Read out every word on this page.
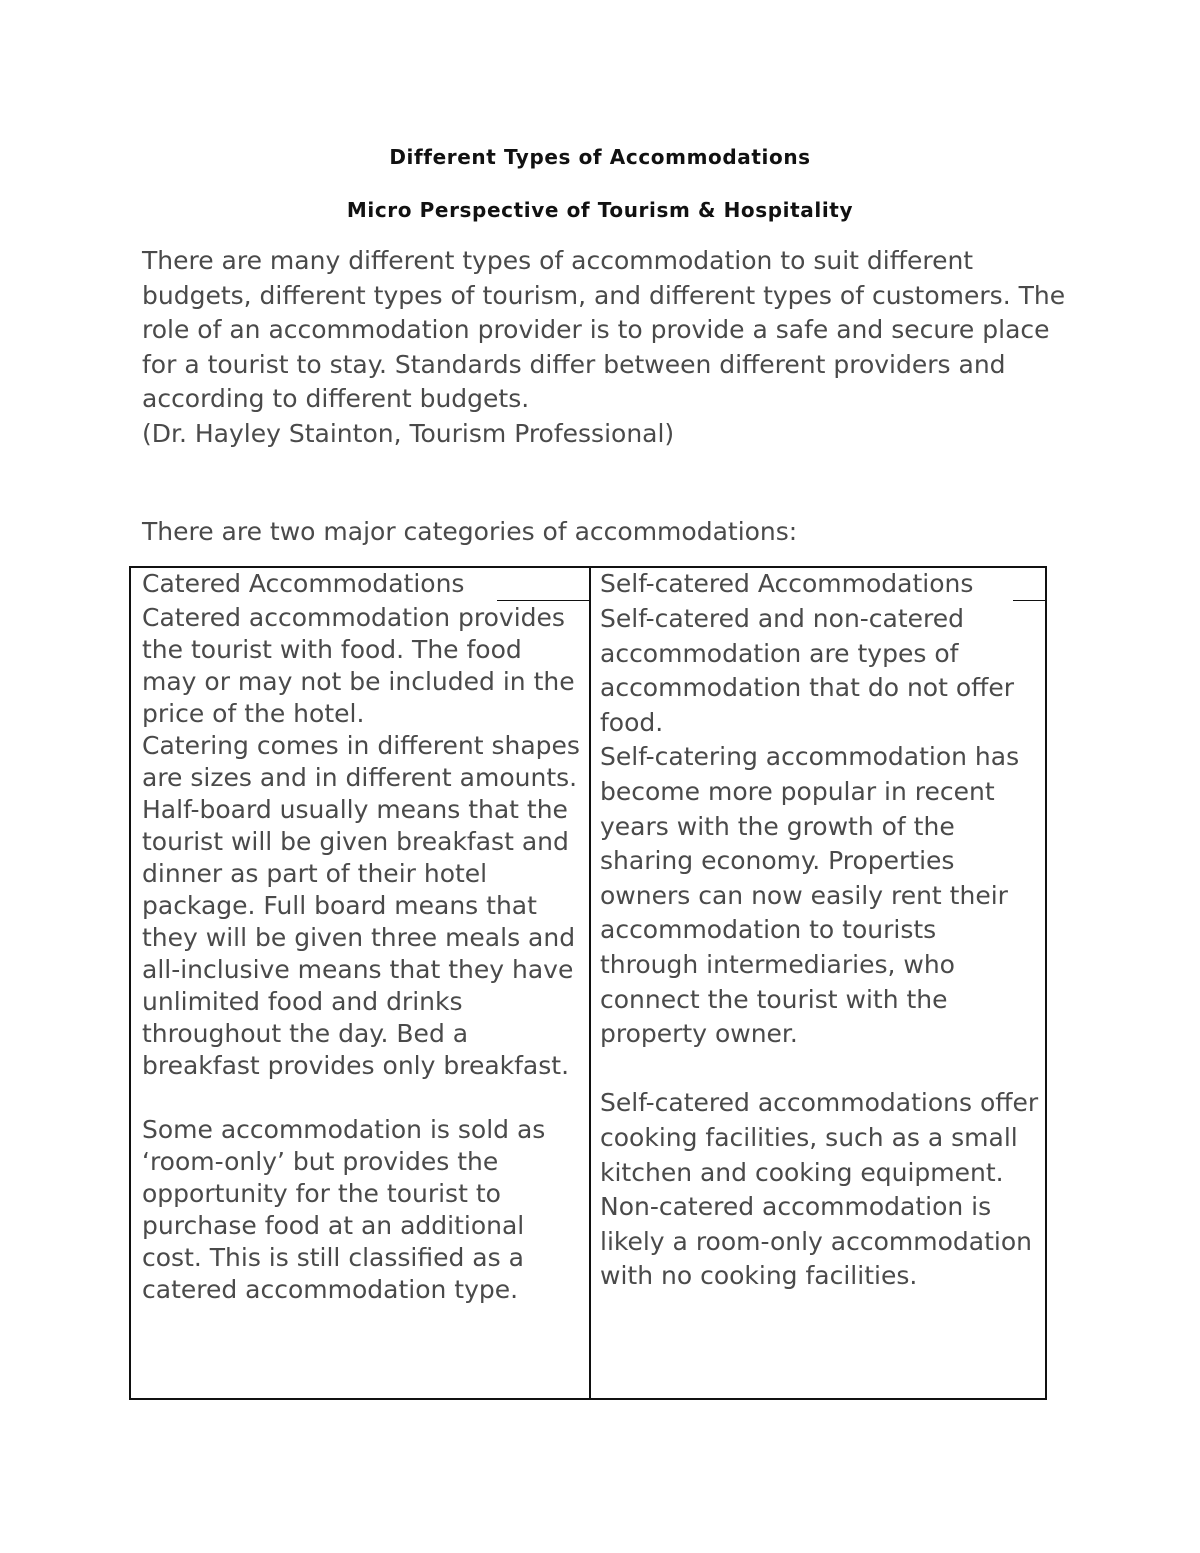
Different Types of Accommodations
Micro Perspective of Tourism & Hospitality

There are many different types of accommodation to suit different budgets, different types of tourism, and different types of customers. The role of an accommodation provider is to provide a safe and secure place for a tourist to stay. Standards differ between different providers and according to different budgets.

(Dr. Hayley Stainton, Tourism Professional)

There are two major categories of accommodations:

Catered Accommodations

Catered accommodation provides the tourist with food. The food may or may not be included in the price of the hotel.

Catering comes in different shapes are sizes and in different amounts. Half-board usually means that the tourist will be given breakfast and dinner as part of their hotel package. Full board means that they will be given three meals and all-inclusive means that they have unlimited food and drinks throughout the day. Bed a breakfast provides only breakfast.

Some accommodation is sold as ‘room-only’ but provides the opportunity for the tourist to purchase food at an additional cost. This is still classified as a catered accommodation type.

Self-catered Accommodations

Self-catered and non-catered accommodation are types of accommodation that do not offer food.

Self-catering accommodation has become more popular in recent years with the growth of the sharing economy. Properties owners can now easily rent their accommodation to tourists through intermediaries, who connect the tourist with the property owner.

Self-catered accommodations offer cooking facilities, such as a small kitchen and cooking equipment. Non-catered accommodation is likely a room-only accommodation with no cooking facilities.
